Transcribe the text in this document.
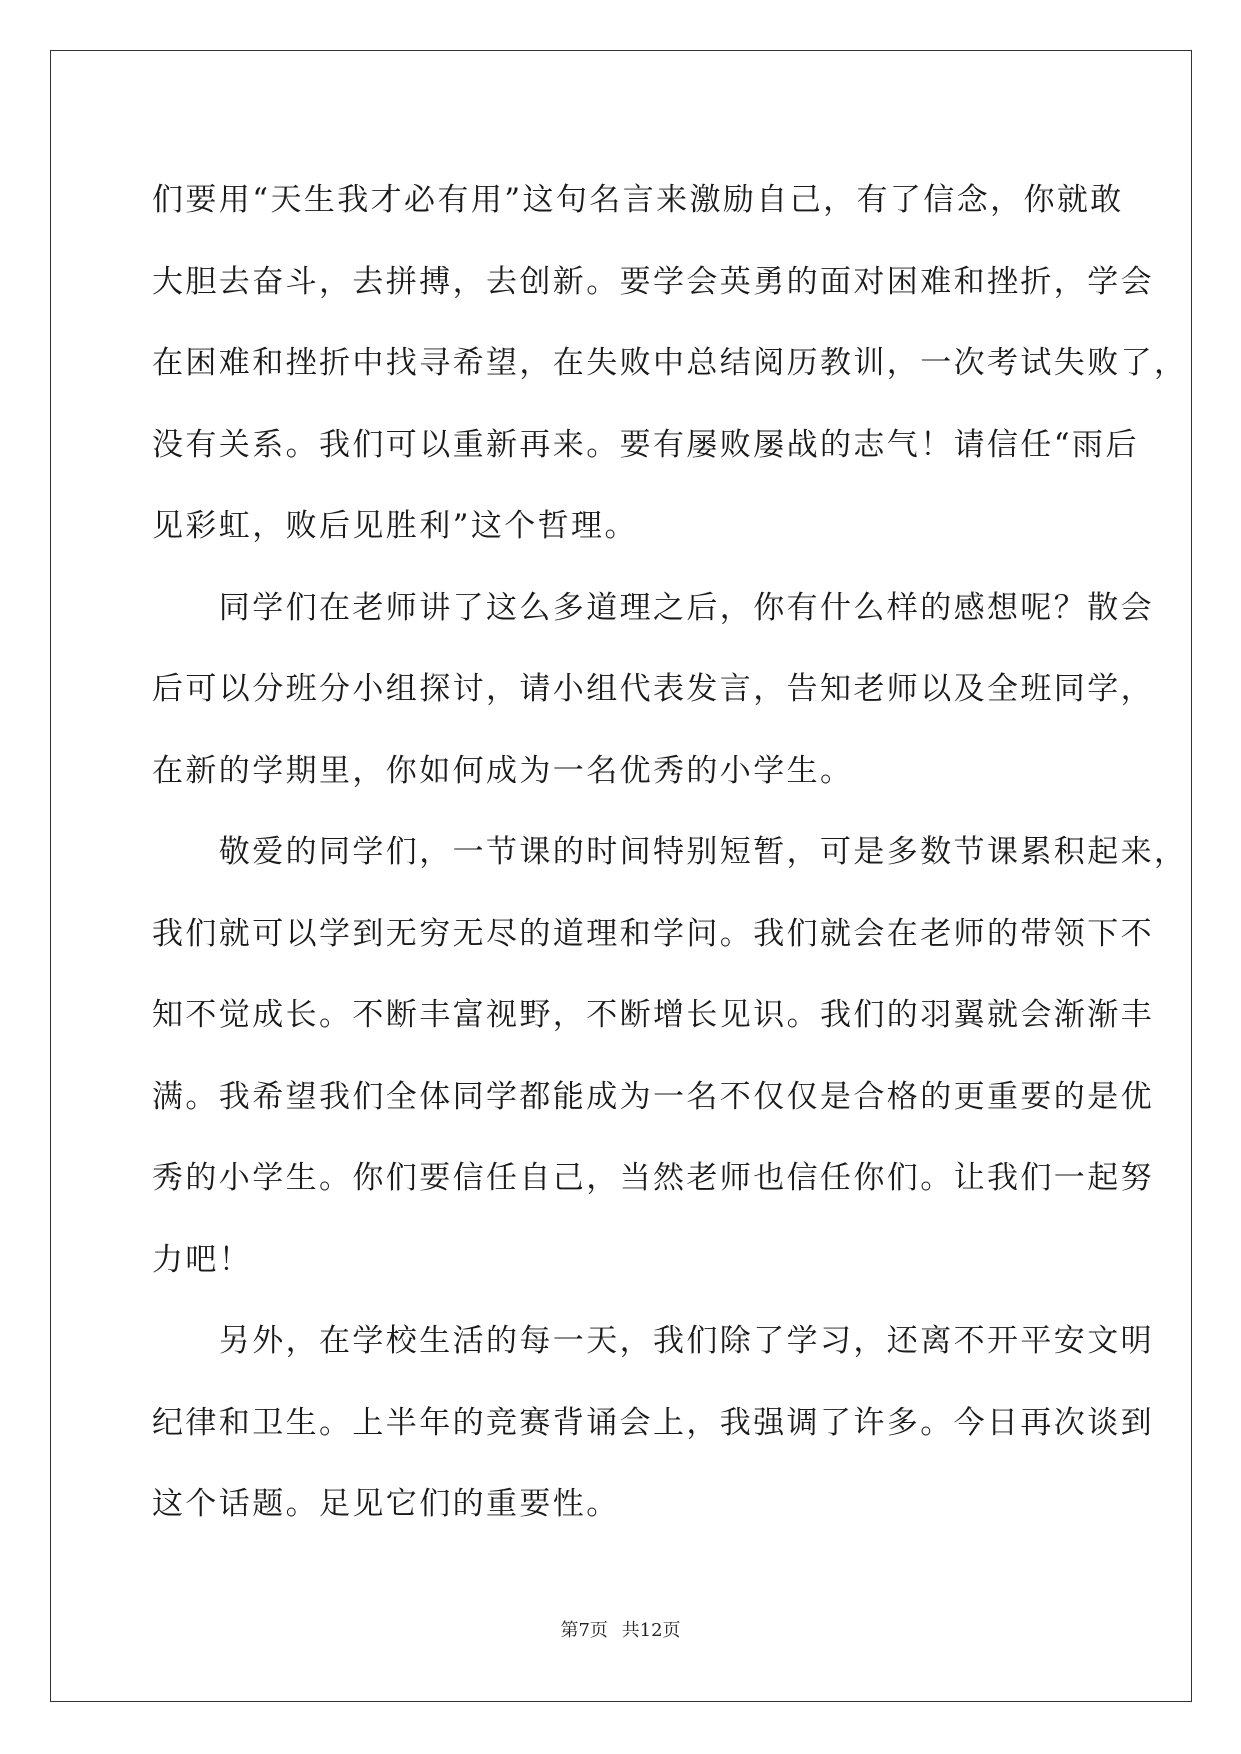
们要用“天生我才必有用”这句名言来激励自己，有了信念，你就敢
大胆去奋斗，去拼搏，去创新。要学会英勇的面对困难和挫折，学会
在困难和挫折中找寻希望，在失败中总结阅历教训，一次考试失败了，
没有关系。我们可以重新再来。要有屡败屡战的志气！请信任“雨后
见彩虹，败后见胜利”这个哲理。

　　同学们在老师讲了这么多道理之后，你有什么样的感想呢？散会
后可以分班分小组探讨，请小组代表发言，告知老师以及全班同学，
在新的学期里，你如何成为一名优秀的小学生。

　　敬爱的同学们，一节课的时间特别短暂，可是多数节课累积起来，
我们就可以学到无穷无尽的道理和学问。我们就会在老师的带领下不
知不觉成长。不断丰富视野，不断增长见识。我们的羽翼就会渐渐丰
满。我希望我们全体同学都能成为一名不仅仅是合格的更重要的是优
秀的小学生。你们要信任自己，当然老师也信任你们。让我们一起努
力吧！

　　另外，在学校生活的每一天，我们除了学习，还离不开平安文明
纪律和卫生。上半年的竞赛背诵会上，我强调了许多。今日再次谈到
这个话题。足见它们的重要性。

第7页 共12页
